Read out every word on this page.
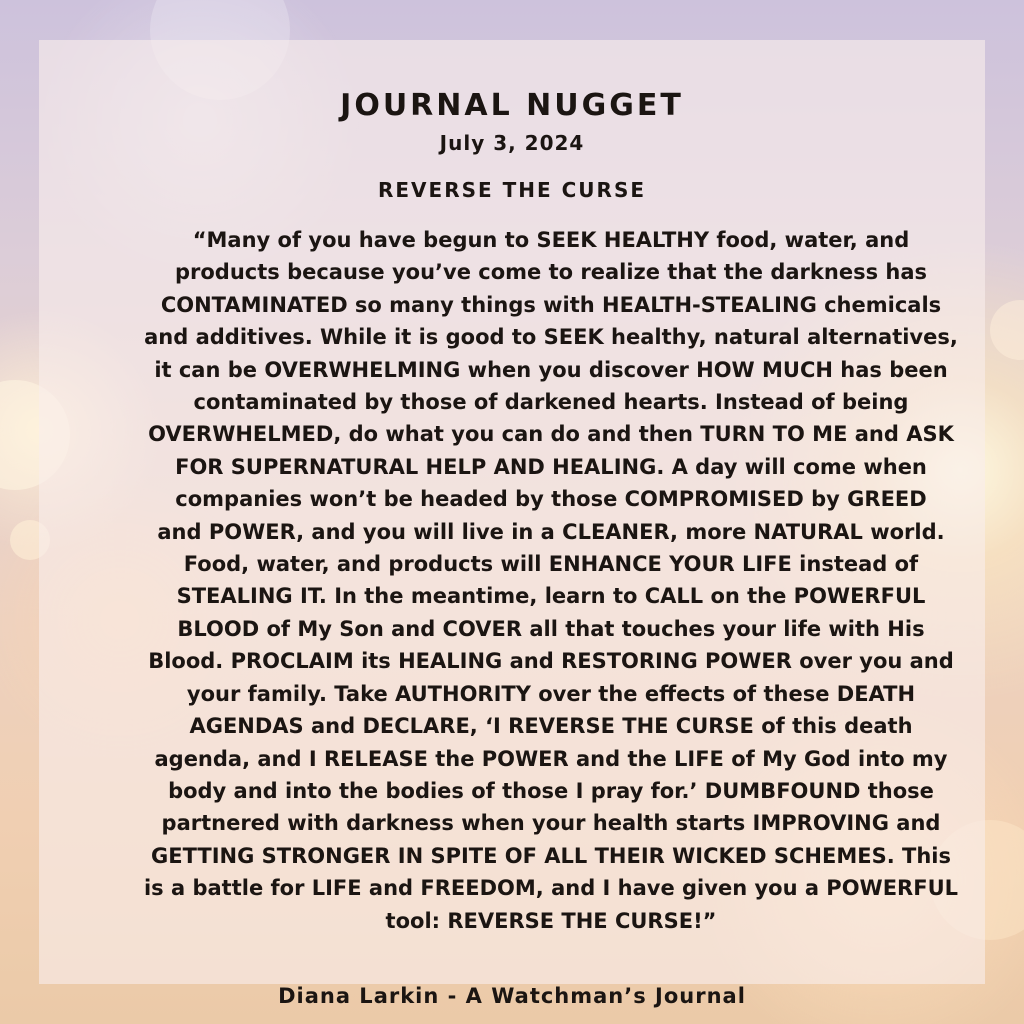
JOURNAL NUGGET
July 3, 2024
REVERSE THE CURSE

“Many of you have begun to SEEK HEALTHY food, water, and
products because you’ve come to realize that the darkness has
CONTAMINATED so many things with HEALTH-STEALING chemicals
and additives. While it is good to SEEK healthy, natural alternatives,
it can be OVERWHELMING when you discover HOW MUCH has been
contaminated by those of darkened hearts. Instead of being
OVERWHELMED, do what you can do and then TURN TO ME and ASK
FOR SUPERNATURAL HELP AND HEALING. A day will come when
companies won’t be headed by those COMPROMISED by GREED
and POWER, and you will live in a CLEANER, more NATURAL world.
Food, water, and products will ENHANCE YOUR LIFE instead of
STEALING IT. In the meantime, learn to CALL on the POWERFUL
BLOOD of My Son and COVER all that touches your life with His
Blood. PROCLAIM its HEALING and RESTORING POWER over you and
your family. Take AUTHORITY over the effects of these DEATH
AGENDAS and DECLARE, ‘I REVERSE THE CURSE of this death
agenda, and I RELEASE the POWER and the LIFE of My God into my
body and into the bodies of those I pray for.’ DUMBFOUND those
partnered with darkness when your health starts IMPROVING and
GETTING STRONGER IN SPITE OF ALL THEIR WICKED SCHEMES. This
is a battle for LIFE and FREEDOM, and I have given you a POWERFUL
tool: REVERSE THE CURSE!”

Diana Larkin - A Watchman’s Journal
